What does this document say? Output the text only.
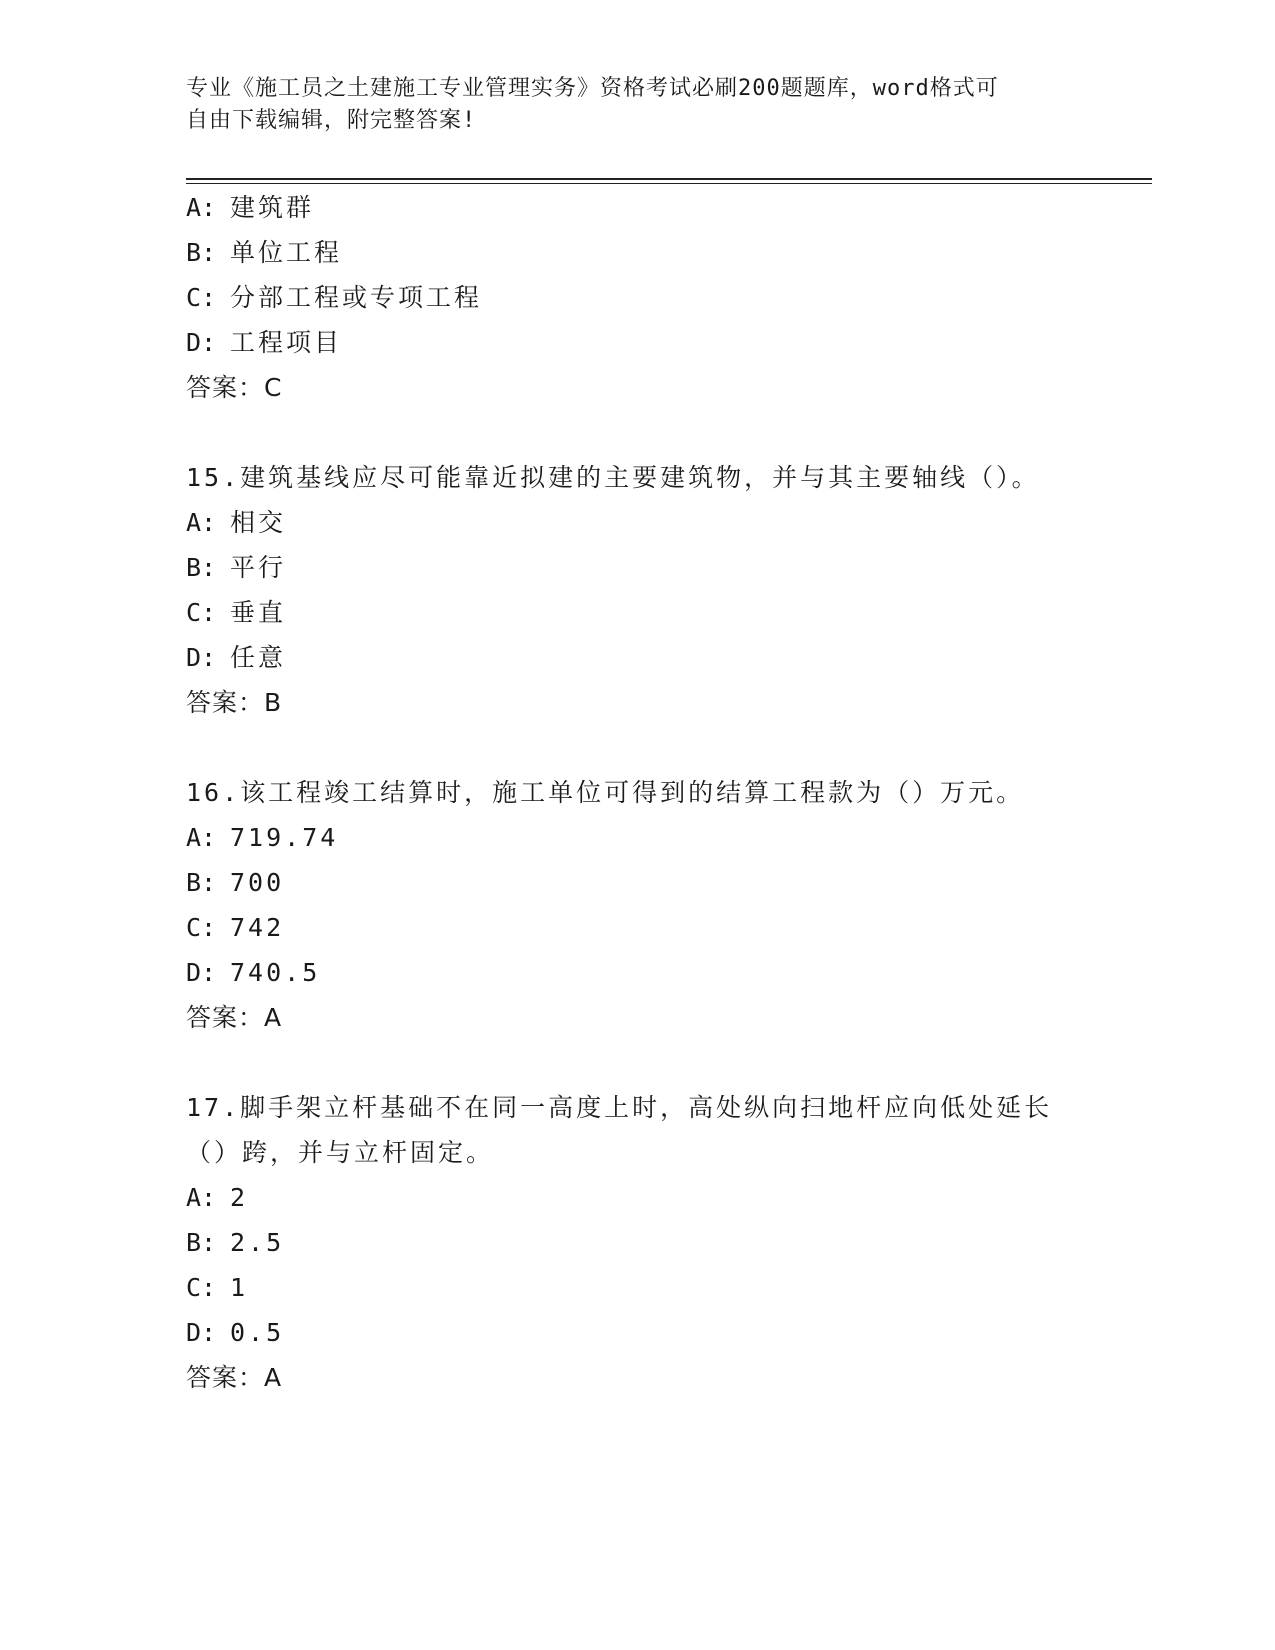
专业《施工员之土建施工专业管理实务》资格考试必刷200题题库，word格式可
自由下载编辑，附完整答案!
A: 建筑群
B: 单位工程
C: 分部工程或专项工程
D: 工程项目
答案：C
15.建筑基线应尽可能靠近拟建的主要建筑物，并与其主要轴线（）。
A: 相交
B: 平行
C: 垂直
D: 任意
答案：B
16.该工程竣工结算时，施工单位可得到的结算工程款为（）万元。
A: 719.74
B: 700
C: 742
D: 740.5
答案：A
17.脚手架立杆基础不在同一高度上时，高处纵向扫地杆应向低处延长
（）跨，并与立杆固定。
A: 2
B: 2.5
C: 1
D: 0.5
答案：A
